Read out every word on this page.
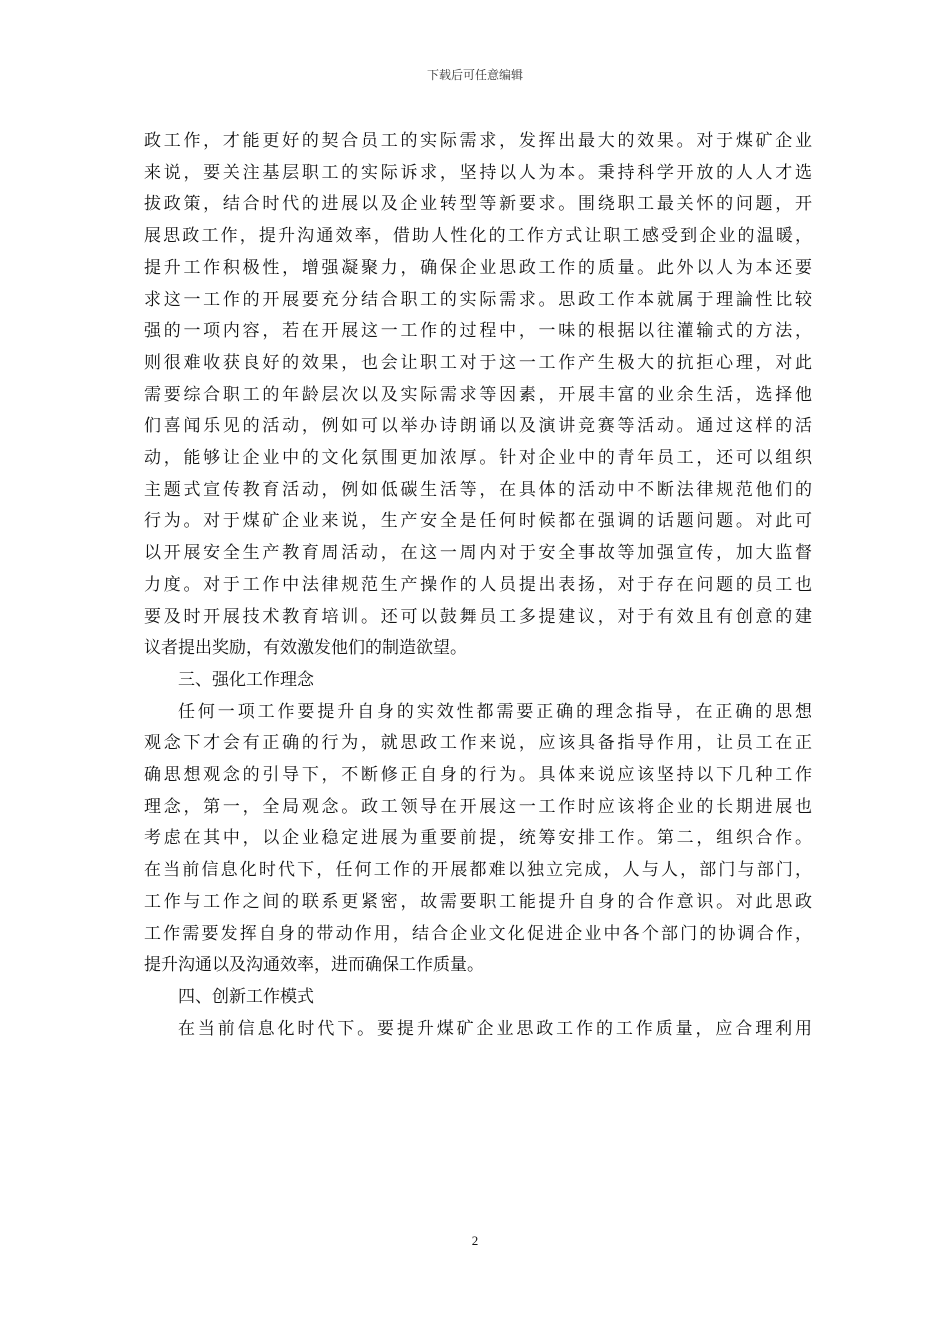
下载后可任意编辑

政工作，才能更好的契合员工的实际需求，发挥出最大的效果。对于煤矿企业
来说，要关注基层职工的实际诉求，坚持以人为本。秉持科学开放的人人才选
拔政策，结合时代的进展以及企业转型等新要求。围绕职工最关怀的问题，开
展思政工作，提升沟通效率，借助人性化的工作方式让职工感受到企业的温暖，
提升工作积极性，增强凝聚力，确保企业思政工作的质量。此外以人为本还要
求这一工作的开展要充分结合职工的实际需求。思政工作本就属于理論性比较
强的一项内容，若在开展这一工作的过程中，一味的根据以往灌输式的方法，
则很难收获良好的效果，也会让职工对于这一工作产生极大的抗拒心理，对此
需要综合职工的年龄层次以及实际需求等因素，开展丰富的业余生活，选择他
们喜闻乐见的活动，例如可以举办诗朗诵以及演讲竞赛等活动。通过这样的活
动，能够让企业中的文化氛围更加浓厚。针对企业中的青年员工，还可以组织
主题式宣传教育活动，例如低碳生活等，在具体的活动中不断法律规范他们的
行为。对于煤矿企业来说，生产安全是任何时候都在强调的话题问题。对此可
以开展安全生产教育周活动，在这一周内对于安全事故等加强宣传，加大监督
力度。对于工作中法律规范生产操作的人员提出表扬，对于存在问题的员工也
要及时开展技术教育培训。还可以鼓舞员工多提建议，对于有效且有创意的建
议者提出奖励，有效激发他们的制造欲望。

三、强化工作理念

任何一项工作要提升自身的实效性都需要正确的理念指导，在正确的思想
观念下才会有正确的行为，就思政工作来说，应该具备指导作用，让员工在正
确思想观念的引导下，不断修正自身的行为。具体来说应该坚持以下几种工作
理念，第一，全局观念。政工领导在开展这一工作时应该将企业的长期进展也
考虑在其中，以企业稳定进展为重要前提，统筹安排工作。第二，组织合作。
在当前信息化时代下，任何工作的开展都难以独立完成，人与人，部门与部门，
工作与工作之间的联系更紧密，故需要职工能提升自身的合作意识。对此思政
工作需要发挥自身的带动作用，结合企业文化促进企业中各个部门的协调合作，
提升沟通以及沟通效率，进而确保工作质量。

四、创新工作模式

在当前信息化时代下。要提升煤矿企业思政工作的工作质量，应合理利用

2
